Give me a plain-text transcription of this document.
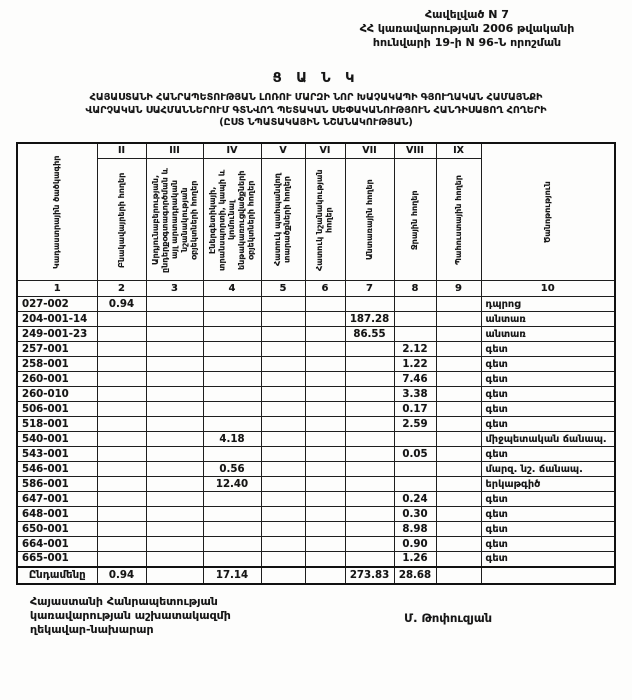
Հավելված N 7
ՀՀ կառավարության 2006 թվականի
հունվարի 19-ի N 96-Ն որոշման
Ց Ա Ն Կ
ՀԱՅԱՍՏԱՆԻ ՀԱՆՐԱՊԵՏՈՒԹՅԱՆ ԼՈՌՈՒ ՄԱՐԶԻ ՆՈՐ ԽԱՉԱԿԱՊԻ ԳՅՈՒՂԱԿԱՆ ՀԱՄԱՅՆՔԻ
ՎԱՐՉԱԿԱՆ ՍԱՀՄԱՆՆԵՐՈՒՄ ԳՏՆՎՈՂ ՊԵՏԱԿԱՆ ՍԵՓԱԿԱՆՈՒԹՅՈՒՆ ՀԱՆԴԻՍԱՑՈՂ ՀՈՂԵՐԻ
(ԸՍՏ ՆՊԱՏԱԿԱՅԻՆ ՆՇԱՆԱԿՈՒԹՅԱՆ)
Կադաստրային ծածկագիր	II	III	IV	V	VI	VII	VIII	IX	Ծանոթություն

	Բնակավայրերի հողեր	Արդյունաբերության, ընդերքօգտագործման և այլ արտադրական նշանակության օբյեկտների հողեր	Էներգետիկայի, տրանսպորտի, կապի և կոմունալ ենթակառուցվածքների օբյեկտների հողեր	Հատուկ պահպանվող տարածքների հողեր	Հատուկ նշանակության հողեր	Անտառային հողեր	Ջրային հողեր	Պահուստային հողեր	

1	2	3	4	5	6	7	8	9	10
027-002	0.94								դպրոց
204-001-14						187.28			անտառ
249-001-23						86.55			անտառ
257-001							2.12		գետ
258-001							1.22		գետ
260-001							7.46		գետ
260-010							3.38		գետ
506-001							0.17		գետ
518-001							2.59		գետ
540-001			4.18						միջպետական ճանապ.
543-001							0.05		գետ
546-001			0.56						մարզ. նշ. ճանապ.
586-001			12.40						երկաթգիծ
647-001							0.24		գետ
648-001							0.30		գետ
650-001							8.98		գետ
664-001							0.90		գետ
665-001							1.26		գետ
Ընդամենը	0.94		17.14			273.83	28.68		
Հայաստանի Հանրապետության
կառավարության աշխատակազմի
ղեկավար-նախարար
Մ. Թոփուզյան
